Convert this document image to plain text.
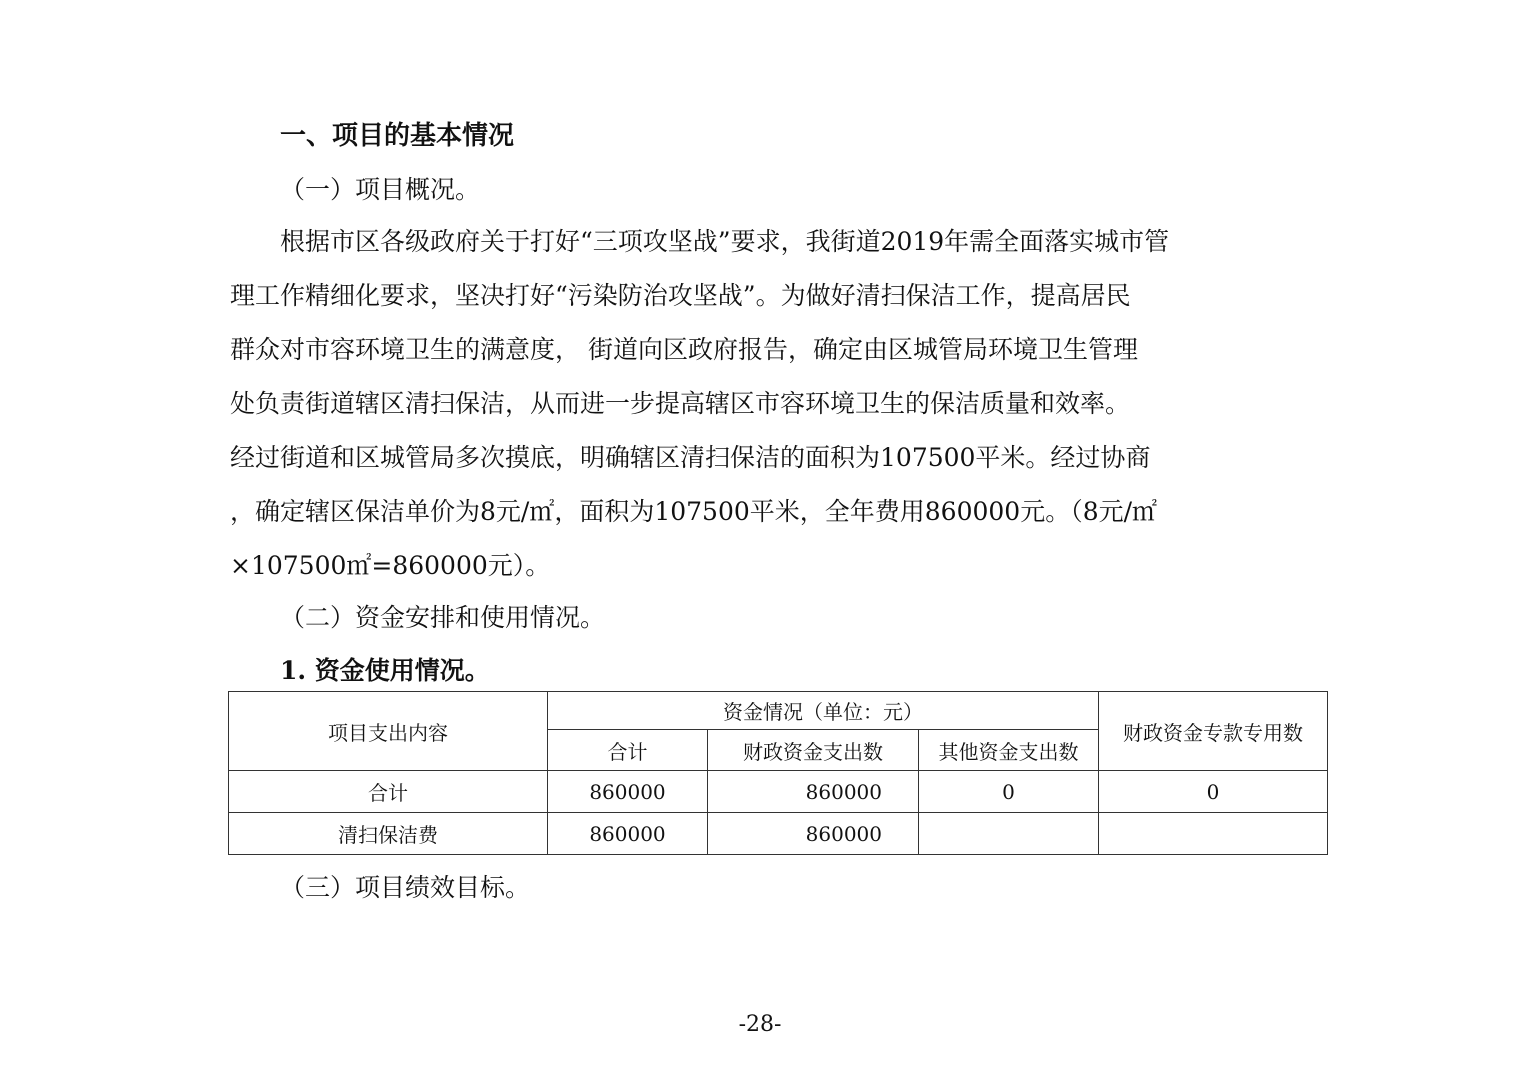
一、项目的基本情况
（一）项目概况。

根据市区各级政府关于打好“三项攻坚战”要求，我街道2019年需全面落实城市管

理工作精细化要求，坚决打好“污染防治攻坚战”。为做好清扫保洁工作，提高居民

群众对市容环境卫生的满意度， 街道向区政府报告，确定由区城管局环境卫生管理

处负责街道辖区清扫保洁，从而进一步提高辖区市容环境卫生的保洁质量和效率。

经过街道和区城管局多次摸底，明确辖区清扫保洁的面积为107500平米。经过协商

，确定辖区保洁单价为8元/㎡，面积为107500平米，全年费用860000元。（8元/㎡

×107500㎡=860000元）。

（二）资金安排和使用情况。
1. 资金使用情况。
项目支出内容	资金情况（单位：元）			财政资金专款专用数
	合计	财政资金支出数	其他资金支出数	
合计	860000	860000	0	0
清扫保洁费	860000	860000		
（三）项目绩效目标。
-28-
